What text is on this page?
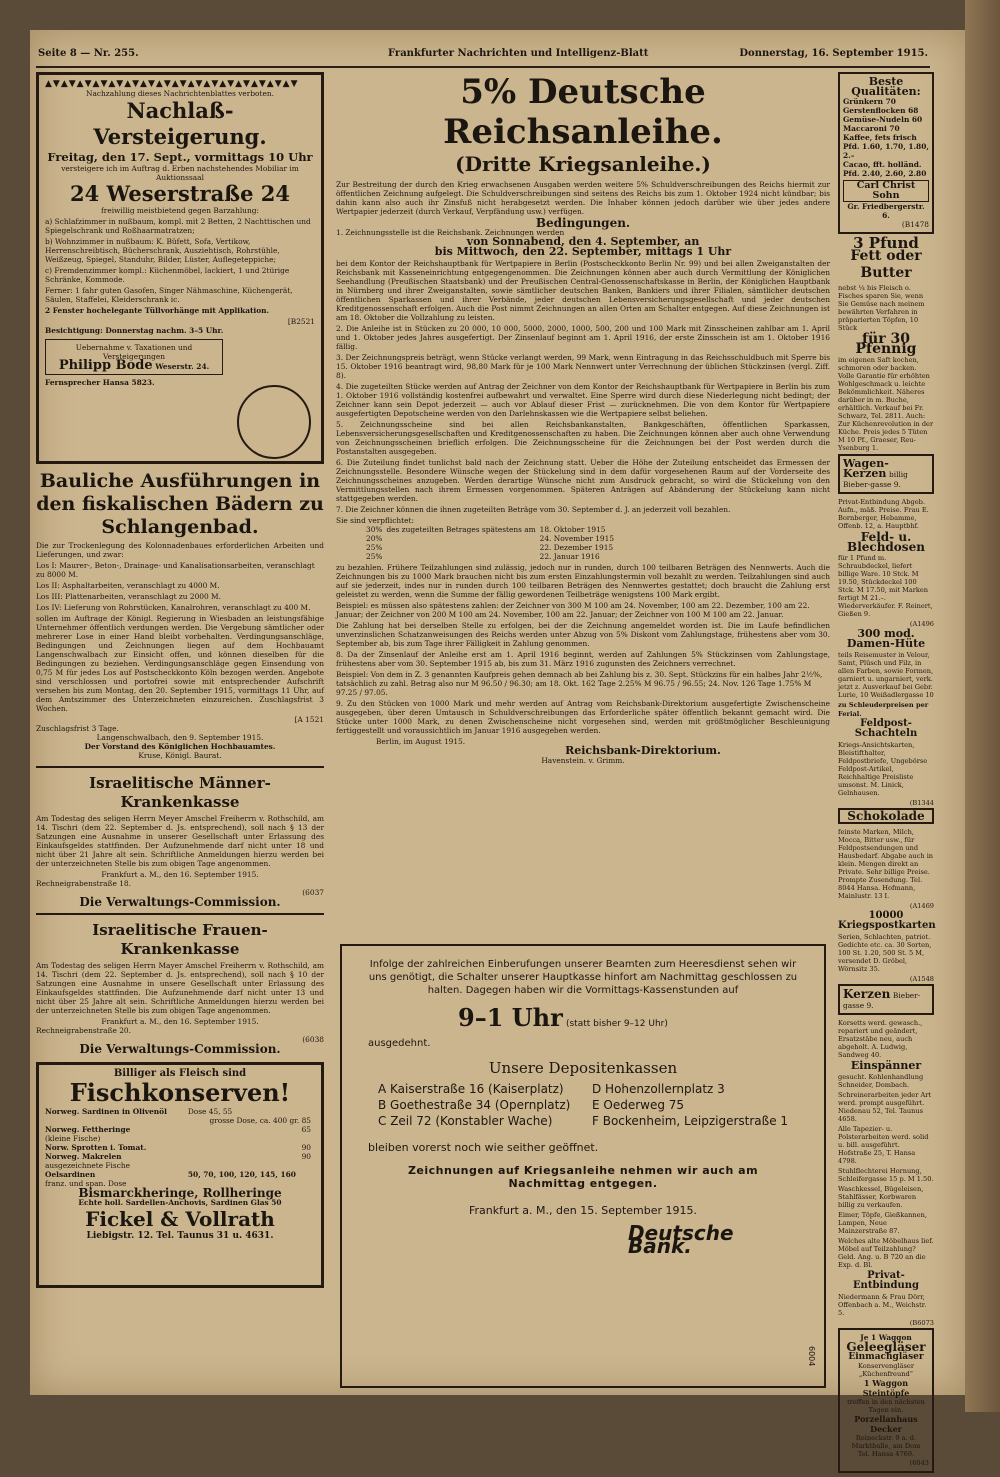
Seite 8 — Nr. 255.	Frankfurter Nachrichten und Intelligenz-Blatt	Donnerstag, 16. September 1915.
▲▼▲▼▲▼▲▼▲▼▲▼▲▼▲▼▲▼▲▼▲▼▲▼▲▼▲▼▲▼▲▼
Nachzahlung dieses Nachrichtenblattes verboten.
Nachlaß-Versteigerung.
Freitag, den 17. Sept., vormittags 10 Uhr
versteigere ich im Auftrag d. Erben nachstehendes Mobiliar im Auktionssaal
24 Weserstraße 24
freiwillig meistbietend gegen Barzahlung:

a) Schlafzimmer in nußbaum, kompl. mit 2 Betten, 2 Nachttischen und Spiegelschrank und Roßhaarmatratzen;

b) Wohnzimmer in nußbaum: K. Büfett, Sofa, Vertikow, Herrenschreibtisch, Bücherschrank, Ausziehtisch, Rohrstühle, Weißzeug, Spiegel, Standuhr, Bilder, Lüster, Auflegeteppiche;

c) Fremdenzimmer kompl.: Küchenmöbel, lackiert, 1 und 2türige Schränke, Kommode.

Ferner: 1 fahr guten Gasofen, Singer Nähmaschine, Küchengerät, Säulen, Staffelei, Kleiderschrank ic.

2 Fenster hochelegante Tüllvorhänge mit Applikation.

[B2521
Besichtigung: Donnerstag nachm. 3–5 Uhr.
Uebernahme v. Taxationen und Versteigerungen
Philipp Bode Weserstr. 24.
Fernsprecher Hansa 5823.
Bauliche Ausführungen in den fiskalischen Bädern zu Schlangenbad.

Die zur Trockenlegung des Kolonnadenbaues erforderlichen Arbeiten und Lieferungen, und zwar:

Los I: Maurer-, Beton-, Drainage- und Kanalisationsarbeiten, veranschlagt zu 8000 M.

Los II: Asphaltarbeiten, veranschlagt zu 4000 M.

Los III: Plattenarbeiten, veranschlagt zu 2000 M.

Los IV: Lieferung von Rohrstücken, Kanalrohren, veranschlagt zu 400 M.

sollen im Auftrage der Königl. Regierung in Wiesbaden an leistungsfähige Unternehmer öffentlich verdungen werden. Die Vergebung sämtlicher oder mehrerer Lose in einer Hand bleibt vorbehalten. Verdingungsanschläge, Bedingungen und Zeichnungen liegen auf dem Hochbauamt Langenschwalbach zur Einsicht offen, und können dieselben für die Bedingungen zu beziehen. Verdingungsanschläge gegen Einsendung von 0,75 M für jedes Los auf Postscheckkonto Köln bezogen werden. Angebote sind verschlossen und portofrei sowie mit entsprechender Aufschrift versehen bis zum Montag, den 20. September 1915, vormittags 11 Uhr, auf dem Amtszimmer des Unterzeichneten einzureichen. Zuschlagsfrist 3 Wochen.

[A 1521
Zuschlagsfrist 3 Tage.
Langenschwalbach, den 9. September 1915.
Der Vorstand des Königlichen Hochbauamtes.
Kruse, Königl. Baurat.
Israelitische Männer-Krankenkasse

Am Todestag des seligen Herrn Meyer Amschel Freiherrn v. Rothschild, am 14. Tischri (dem 22. September d. Js. entsprechend), soll nach § 13 der Satzungen eine Ausnahme in unserer Gesellschaft unter Erlassung des Einkaufsgeldes stattfinden. Der Aufzunehmende darf nicht unter 18 und nicht über 21 Jahre alt sein. Schriftliche Anmeldungen hierzu werden bei der unterzeichneten Stelle bis zum obigen Tage angenommen.

Frankfurt a. M., den 16. September 1915.
Rechneigrabenstraße 18.
(6037
Die Verwaltungs-Commission.
Israelitische Frauen-Krankenkasse

Am Todestag des seligen Herrn Mayer Amschel Freiherrn v. Rothschild, am 14. Tischri (dem 22. September d. Js. entsprechend), soll nach § 10 der Satzungen eine Ausnahme in unsere Gesellschaft unter Erlassung des Einkaufsgeldes stattfinden. Die Aufzunehmende darf nicht unter 13 und nicht über 25 Jahre alt sein. Schriftliche Anmeldungen hierzu werden bei der unterzeichneten Stelle bis zum obigen Tage angenommen.

Frankfurt a. M., den 16. September 1915.
Rechneigrabenstraße 20.
(6038
Die Verwaltungs-Commission.
Billiger als Fleisch sind
Fischkonserven!
Norweg. Sardinen in Olivenöl	Dose 45, 55
grosse Dose, ca. 400 gr. 85	
Norweg. Fettheringe	65
(kleine Fische)	
Norw. Sprotten i. Tomat.	90
Norweg. Makrelen	90
ausgezeichnete Fische	
Oelsardinen	50, 70, 100, 120, 145, 160
franz. und span. Dose	
Bismarckheringe, Rollheringe
Echte holl. Sardellen-Anchovis, Sardinen Glas 50
Fickel & Vollrath
Liebigstr. 12. Tel. Taunus 31 u. 4631.
5% Deutsche Reichsanleihe.
(Dritte Kriegsanleihe.)

Zur Bestreitung der durch den Krieg erwachsenen Ausgaben werden weitere 5% Schuldverschreibungen des Reichs hiermit zur öffentlichen Zeichnung aufgelegt. Die Schuldverschreibungen sind seitens des Reichs bis zum 1. Oktober 1924 nicht kündbar; bis dahin kann also auch ihr Zinsfuß nicht herabgesetzt werden. Die Inhaber können jedoch darüber wie über jedes andere Wertpapier jederzeit (durch Verkauf, Verpfändung usw.) verfügen.

Bedingungen.
1. Zeichnungsstelle ist die Reichsbank. Zeichnungen werden
von Sonnabend, den 4. September, an
bis Mittwoch, den 22. September, mittags 1 Uhr

bei dem Kontor der Reichshauptbank für Wertpapiere in Berlin (Postscheckkonto Berlin Nr. 99) und bei allen Zweiganstalten der Reichsbank mit Kasseneinrichtung entgegengenommen. Die Zeichnungen können aber auch durch Vermittlung der Königlichen Seehandlung (Preußischen Staatsbank) und der Preußischen Central-Genossenschaftskasse in Berlin, der Königlichen Hauptbank in Nürnberg und ihrer Zweiganstalten, sowie sämtlicher deutschen Banken, Bankiers und ihrer Filialen, sämtlicher deutschen öffentlichen Sparkassen und ihrer Verbände, jeder deutschen Lebensversicherungsgesellschaft und jeder deutschen Kreditgenossenschaft erfolgen. Auch die Post nimmt Zeichnungen an allen Orten am Schalter entgegen. Auf diese Zeichnungen ist am 18. Oktober die Vollzahlung zu leisten.

2. Die Anleihe ist in Stücken zu 20 000, 10 000, 5000, 2000, 1000, 500, 200 und 100 Mark mit Zinsscheinen zahlbar am 1. April und 1. Oktober jedes Jahres ausgefertigt. Der Zinsenlauf beginnt am 1. April 1916, der erste Zinsschein ist am 1. Oktober 1916 fällig.

3. Der Zeichnungspreis beträgt, wenn Stücke verlangt werden, 99 Mark, wenn Eintragung in das Reichsschuldbuch mit Sperre bis 15. Oktober 1916 beantragt wird, 98,80 Mark für je 100 Mark Nennwert unter Verrechnung der üblichen Stückzinsen (vergl. Ziff. 8).

4. Die zugeteilten Stücke werden auf Antrag der Zeichner von dem Kontor der Reichshauptbank für Wertpapiere in Berlin bis zum 1. Oktober 1916 vollständig kostenfrei aufbewahrt und verwaltet. Eine Sperre wird durch diese Niederlegung nicht bedingt; der Zeichner kann sein Depot jederzeit — auch vor Ablauf dieser Frist — zurücknehmen. Die von dem Kontor für Wertpapiere ausgefertigten Depotscheine werden von den Darlehnskassen wie die Wertpapiere selbst beliehen.

5. Zeichnungsscheine sind bei allen Reichsbankanstalten, Bankgeschäften, öffentlichen Sparkassen, Lebensversicherungsgesellschaften und Kreditgenossenschaften zu haben. Die Zeichnungen können aber auch ohne Verwendung von Zeichnungsscheinen brieflich erfolgen. Die Zeichnungsscheine für die Zeichnungen bei der Post werden durch die Postanstalten ausgegeben.

6. Die Zuteilung findet tunlichst bald nach der Zeichnung statt. Ueber die Höhe der Zuteilung entscheidet das Ermessen der Zeichnungsstelle. Besondere Wünsche wegen der Stückelung sind in dem dafür vorgesehenen Raum auf der Vorderseite des Zeichnungsscheines anzugeben. Werden derartige Wünsche nicht zum Ausdruck gebracht, so wird die Stückelung von den Vermittlungsstellen nach ihrem Ermessen vorgenommen. Späteren Anträgen auf Abänderung der Stückelung kann nicht stattgegeben werden.

7. Die Zeichner können die ihnen zugeteilten Beträge vom 30. September d. J. an jederzeit voll bezahlen.

Sie sind verpflichtet:
30%	des zugeteilten Betrages spätestens am	18. Oktober 1915
20%		24. November 1915
25%		22. Dezember 1915
25%		22. Januar 1916

zu bezahlen. Frühere Teilzahlungen sind zulässig, jedoch nur in runden, durch 100 teilbaren Beträgen des Nennwerts. Auch die Zeichnungen bis zu 1000 Mark brauchen nicht bis zum ersten Einzahlungstermin voll bezahlt zu werden. Teilzahlungen sind auch auf sie jederzeit, indes nur in runden durch 100 teilbaren Beträgen des Nennwertes gestattet; doch braucht die Zahlung erst geleistet zu werden, wenn die Summe der fällig gewordenen Teilbeträge wenigstens 100 Mark ergibt.

Beispiel: es müssen also spätestens zahlen: der Zeichner von 300 M 100 am 24. November, 100 am 22. Dezember, 100 am 22. Januar; der Zeichner von 200 M 100 am 24. November, 100 am 22. Januar; der Zeichner von 100 M 100 am 22. Januar.

Die Zahlung hat bei derselben Stelle zu erfolgen, bei der die Zeichnung angemeldet worden ist. Die im Laufe befindlichen unverzinslichen Schatzanweisungen des Reichs werden unter Abzug von 5% Diskont vom Zahlungstage, frühestens aber vom 30. September ab, bis zum Tage ihrer Fälligkeit in Zahlung genommen.

8. Da der Zinsenlauf der Anleihe erst am 1. April 1916 beginnt, werden auf Zahlungen 5% Stückzinsen vom Zahlungstage, frühestens aber vom 30. September 1915 ab, bis zum 31. März 1916 zugunsten des Zeichners verrechnet.

Beispiel: Von dem in Z. 3 genannten Kaufpreis gehen demnach ab bei Zahlung bis z. 30. Sept. Stückzins für ein halbes Jahr 2½%, tatsächlich zu zahl. Betrag also nur M 96.50 / 96.30; am 18. Okt. 162 Tage 2.25% M 96.75 / 96.55; 24. Nov. 126 Tage 1.75% M 97.25 / 97.05.

9. Zu den Stücken von 1000 Mark und mehr werden auf Antrag vom Reichsbank-Direktorium ausgefertigte Zwischenscheine ausgegeben, über deren Umtausch in Schuldverschreibungen das Erforderliche später öffentlich bekannt gemacht wird. Die Stücke unter 1000 Mark, zu denen Zwischenscheine nicht vorgesehen sind, werden mit größtmöglicher Beschleunigung fertiggestellt und voraussichtlich im Januar 1916 ausgegeben werden.

Berlin, im August 1915.
Reichsbank-Direktorium.
Havenstein. v. Grimm.

Infolge der zahlreichen Einberufungen unserer Beamten zum Heeresdienst sehen wir uns genötigt, die Schalter unserer Hauptkasse hinfort am Nachmittag geschlossen zu halten. Dagegen haben wir die Vormittags-Kassenstunden auf

9–1 Uhr (statt bisher 9–12 Uhr)
ausgedehnt.
Unsere Depositenkassen
A Kaiserstraße 16 (Kaiserplatz)	D Hohenzollernplatz 3
B Goethestraße 34 (Opernplatz)	E Oederweg 75
C Zeil 72 (Konstabler Wache)	F Bockenheim, Leipzigerstraße 1
bleiben vorerst noch wie seither geöffnet.
Zeichnungen auf Kriegsanleihe nehmen wir auch am Nachmittag entgegen.
Frankfurt a. M., den 15. September 1915.
Deutsche Bank.
6004
Beste Qualitäten:
Grünkern 70
Gerstenflocken 68
Gemüse-Nudeln 60
Maccaroni 70
Kaffee, fets frisch Pfd. 1.60, 1.70, 1.80, 2.–
Cacao, fft. holländ. Pfd. 2.40, 2.60, 2.80
Carl Christ Sohn
Gr. Friedbergerstr. 6.
(B1478
3 Pfund
Fett oder Butter

nebst ¼ bis Fleisch o. Fisches sparen Sie, wenn Sie Gemüse nach meinem bewährten Verfahren in präparierten Töpfen, 10 Stück

für 30 Pfennig

im eigenen Saft kochen, schmoren oder backen. Volle Garantie für erhöhten Wohlgeschmack u. leichte Bekömmlichkeit. Näheres darüber in m. Buche, erhältlich. Verkauf bei Fr. Schwarz, Tel. 2811. Auch: Zur Küchenrevolution in der Küche. Preis jedes 5 Tüten M 10 Pf., Graeser, Reu-Ysenburg 1.

Wagen-Kerzen billig Bieber-gasse 9.

Privat-Entbindung Abgeb. Aufn., mäß. Preise. Frau E. Bornberger, Hebamme, Offenb. 12, a. Hauptbhf.

Feld- u. Blechdosen

für 1 Pfund m. Schraubdeckel, liefert billige Ware. 10 Stck. M 19.50, Stückdeckel 100 Stck. M 17.50, mit Marken fertigt M 21.–. Wiederverkäufer. F. Reinert, Gießen 9.

(A1496
300 mod. Damen-Hüte

teils Reisemuster in Velour, Samt, Plüsch und Filz, in allen Farben, sowie Formen, garniert u. ungarniert, verk. jetzt z. Ausverkauf bei Gebr. Lurie, 10 Weißadlergasse 10

zu Schleuderpreisen per Ferial.
Feldpost-Schachteln

Kriegs-Ansichtskarten, Bleistifthalter, Feldpostbriefe, Ungebörse Feldpost-Artikel, Reichhaltige Preisliste umsonst. M. Linick, Gelnhausen.

(B1344
Schokolade

feinste Marken, Milch, Mocca, Bitter usw., für Feldpostsendungen und Hausbedarf. Abgabe auch in klein. Mengen direkt an Private. Sehr billige Preise. Prompte Zusendung. Tel. 8044 Hansa. Hofmann, Mainlustr. 13 I.

(A1469
10000 Kriegspostkarten

Serien, Schlachten, patriot. Gedichte etc. ca. 30 Sorten, 100 St. 1.20, 500 St. 5 M, versendet D. Gröbel, Wörnsitz 35.

(A1548
Kerzen Bieber-gasse 9.

Korsetts werd. gewasch., repariert und geändert, Ersatzstäbe neu, auch abgeholt. A. Ludwig, Sandweg 40.

Einspänner

gesucht. Kohlenhandlung Schneider, Dombach.

Schreinerarbeiten jeder Art werd. prompt ausgeführt. Niedenau 52, Tel. Taunus 4658.

Alle Tapezier- u. Polsterarbeiten werd. solid u. bill. ausgeführt. Hofstraße 25, T. Hansa 4798.

Stuhlflechterei Hornung, Schleifergasse 15 p. M 1.50.

Waschkessel, Bügeleisen, Stahlfässer, Korbwaren billig zu verkaufen.

Eimer, Töpfe, Gießkannen, Lampen, Neue Mainzerstraße 87.

Welches alte Möbelhaus lief. Möbel auf Teilzahlung? Geld. Ang. u. B 720 an die Exp. d. Bl.

Privat-Entbindung

Niedermann & Frau Dörr, Offenbach a. M., Weichstr. 5.

(B6073
Je 1 Waggon
Geleegläser
Einmachgläser
Konservengläser „Küchenfreund“
1 Waggon Steintöpfe
treffen in den nächsten Tagen ein.
Porzellanhaus Decker
Reineckstr. 9 a. d. Marktballe, am Dom
Tel. Hansa 4769.
(6043
